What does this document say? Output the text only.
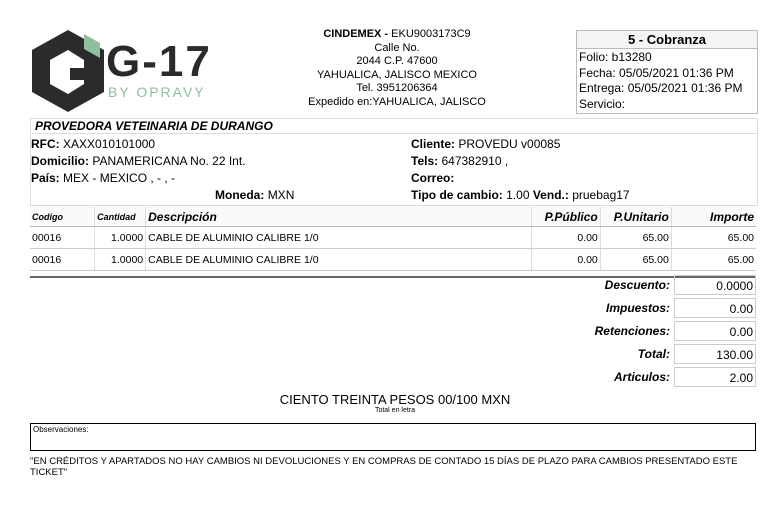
G-17
BY OPRAVY
CINDEMEX - EKU9003173C9
Calle No.
2044 C.P. 47600
YAHUALICA, JALISCO MEXICO
Tel. 3951206364
Expedido en:YAHUALICA, JALISCO
5 - Cobranza
Folio: b13280
Fecha: 05/05/2021 01:36 PM
Entrega: 05/05/2021 01:36 PM
Servicio:
PROVEDORA VETEINARIA DE DURANGO
RFC: XAXX010101000
Domicilio: PANAMERICANA No. 22 Int.
País: MEX - MEXICO , - , -
Moneda: MXN
Cliente: PROVEDU v00085
Tels: 647382910 ,
Correo:
Tipo de cambio: 1.00 Vend.: pruebag17
Codigo	Cantidad	Descripción	P.Público	P.Unitario	Importe
00016	1.0000	CABLE DE ALUMINIO CALIBRE 1/0	0.00	65.00	65.00
00016	1.0000	CABLE DE ALUMINIO CALIBRE 1/0	0.00	65.00	65.00
Descuento:	0.0000
Impuestos:	0.00
Retenciones:	0.00
Total:	130.00
Articulos:	2.00
CIENTO TREINTA PESOS 00/100 MXN
Total en letra
Observaciones:
"EN CRÉDITOS Y APARTADOS NO HAY CAMBIOS NI DEVOLUCIONES Y EN COMPRAS DE CONTADO 15 DÍAS DE PLAZO PARA CAMBIOS PRESENTADO ESTE TICKET"
